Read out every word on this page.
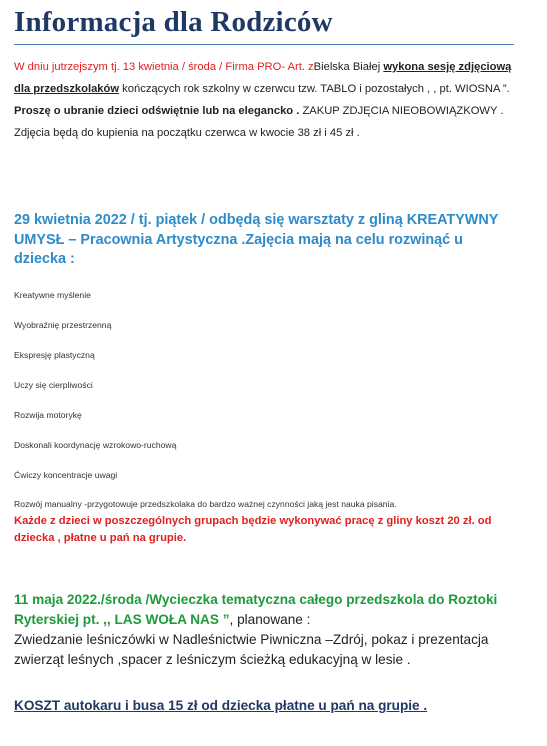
Informacja dla Rodziców
W dniu jutrzejszym tj. 13 kwietnia / środa / Firma PRO- Art. zBielska Białej wykona sesję zdjęciową dla przedszkolaków kończących rok szkolny w czerwcu tzw. TABLO i pozostałych , , pt. WIOSNA ”. Proszę o ubranie dzieci odświętnie lub na elegancko . ZAKUP ZDJĘCIA NIEOBOWIĄZKOWY . Zdjęcia będą do kupienia na początku czerwca w kwocie 38 zł i 45 zł .
29 kwietnia 2022 / tj. piątek / odbędą się warsztaty z gliną KREATYWNY UMYSŁ – Pracownia Artystyczna .Zajęcia mają na celu rozwinąć u dziecka :
Kreatywne myślenie
Wyobraźnię przestrzenną
Ekspresję plastyczną
Uczy się cierpliwości
Rozwija motorykę
Doskonali koordynację wzrokowo-ruchową
Ćwiczy koncentracje uwagi
Rozwój manualny -przygotowuje przedszkolaka do bardzo ważnej czynności jaką jest nauka pisania.
Każde z dzieci w poszczególnych grupach będzie wykonywać pracę z gliny koszt 20 zł. od dziecka , płatne u pań na grupie.
11 maja 2022./środa /Wycieczka tematyczna całego przedszkola do Roztoki Ryterskiej pt. ,, LAS WOŁA NAS ”, planowane :
Zwiedzanie leśniczówki w Nadleśnictwie Piwniczna –Zdrój, pokaz i prezentacja zwierząt leśnych ,spacer z leśniczym ścieżką edukacyjną w lesie .
KOSZT autokaru i busa 15 zł od dziecka płatne u pań na grupie .
